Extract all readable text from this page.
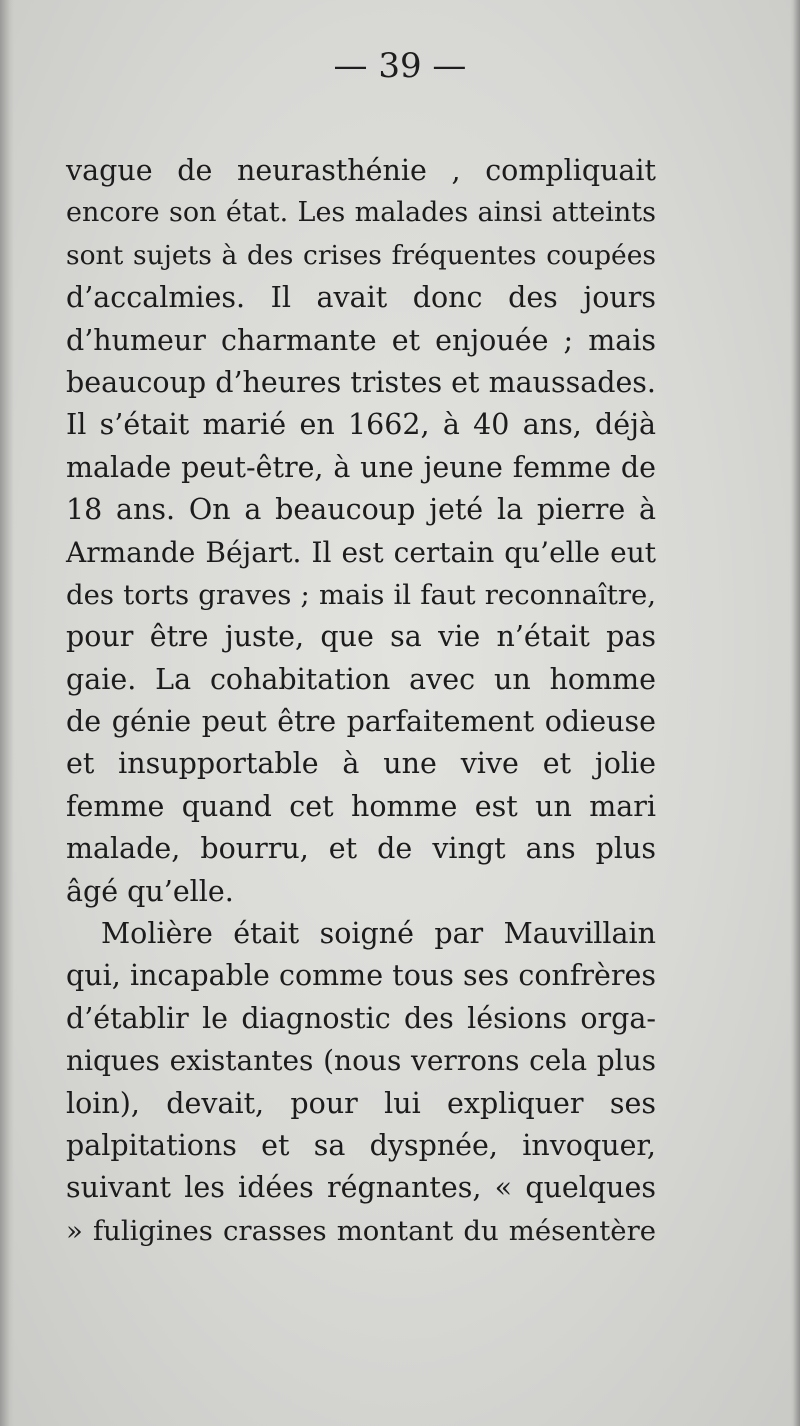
— 39 —
vague de neurasthénie , compliquait
encore son état. Les malades ainsi atteints
sont sujets à des crises fréquentes coupées
d’accalmies. Il avait donc des jours
d’humeur charmante et enjouée ; mais
beaucoup d’heures tristes et maussades.
Il s’était marié en 1662, à 40 ans, déjà
malade peut-être, à une jeune femme de
18 ans. On a beaucoup jeté la pierre à
Armande Béjart. Il est certain qu’elle eut
des torts graves ; mais il faut reconnaître,
pour être juste, que sa vie n’était pas
gaie. La cohabitation avec un homme
de génie peut être parfaitement odieuse
et insupportable à une vive et jolie
femme quand cet homme est un mari
malade, bourru, et de vingt ans plus
âgé qu’elle.
Molière était soigné par Mauvillain
qui, incapable comme tous ses confrères
d’établir le diagnostic des lésions orga-
niques existantes (nous verrons cela plus
loin), devait, pour lui expliquer ses
palpitations et sa dyspnée, invoquer,
suivant les idées régnantes, « quelques
» fuligines crasses montant du mésentère
